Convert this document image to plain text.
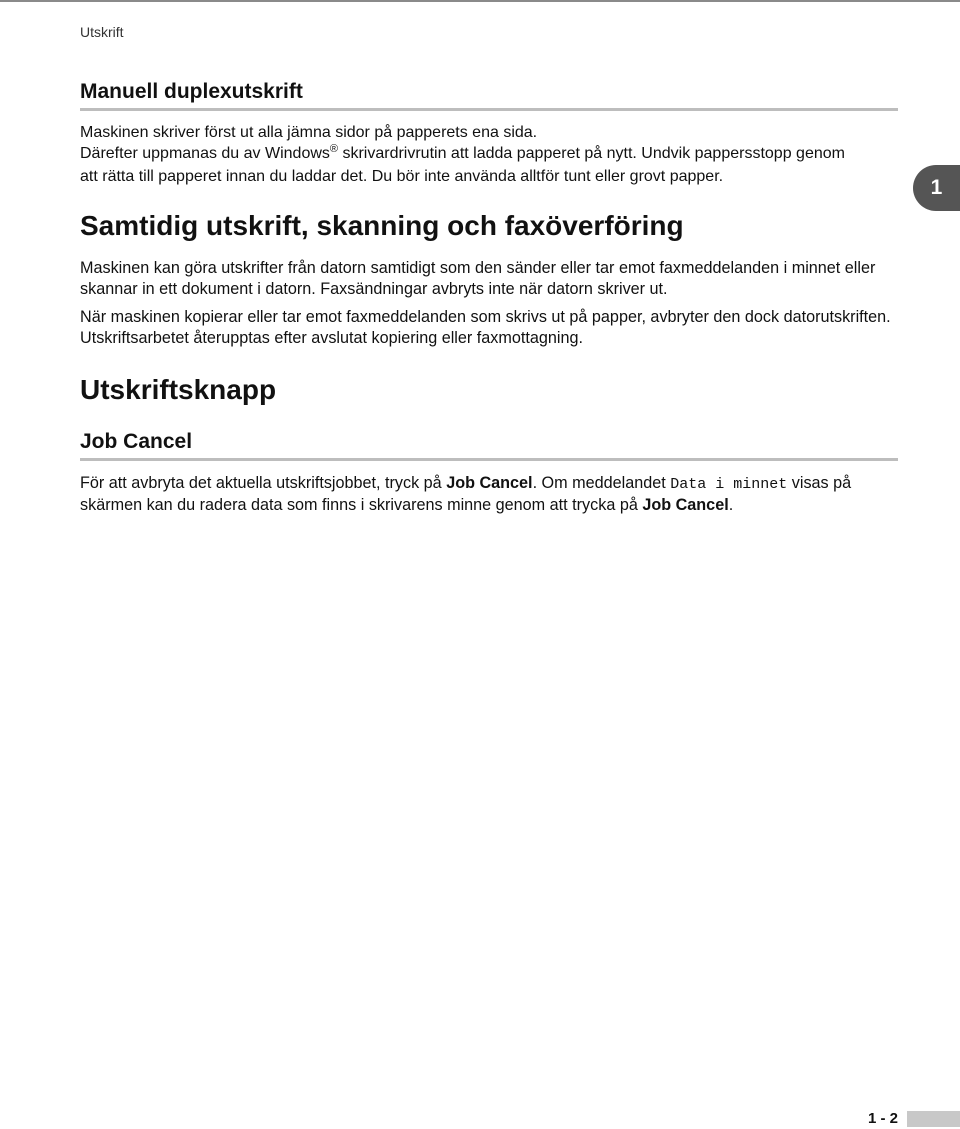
Utskrift
1
Manuell duplexutskrift
Maskinen skriver först ut alla jämna sidor på papperets ena sida.
Därefter uppmanas du av Windows® skrivardrivrutin att ladda papperet på nytt. Undvik pappersstopp genom
att rätta till papperet innan du laddar det. Du bör inte använda alltför tunt eller grovt papper.
Samtidig utskrift, skanning och faxöverföring
Maskinen kan göra utskrifter från datorn samtidigt som den sänder eller tar emot faxmeddelanden i minnet eller skannar in ett dokument i datorn. Faxsändningar avbryts inte när datorn skriver ut.
När maskinen kopierar eller tar emot faxmeddelanden som skrivs ut på papper, avbryter den dock datorutskriften. Utskriftsarbetet återupptas efter avslutat kopiering eller faxmottagning.
Utskriftsknapp
Job Cancel
För att avbryta det aktuella utskriftsjobbet, tryck på Job Cancel. Om meddelandet Data i minnet visas på skärmen kan du radera data som finns i skrivarens minne genom att trycka på Job Cancel.
1 - 2
